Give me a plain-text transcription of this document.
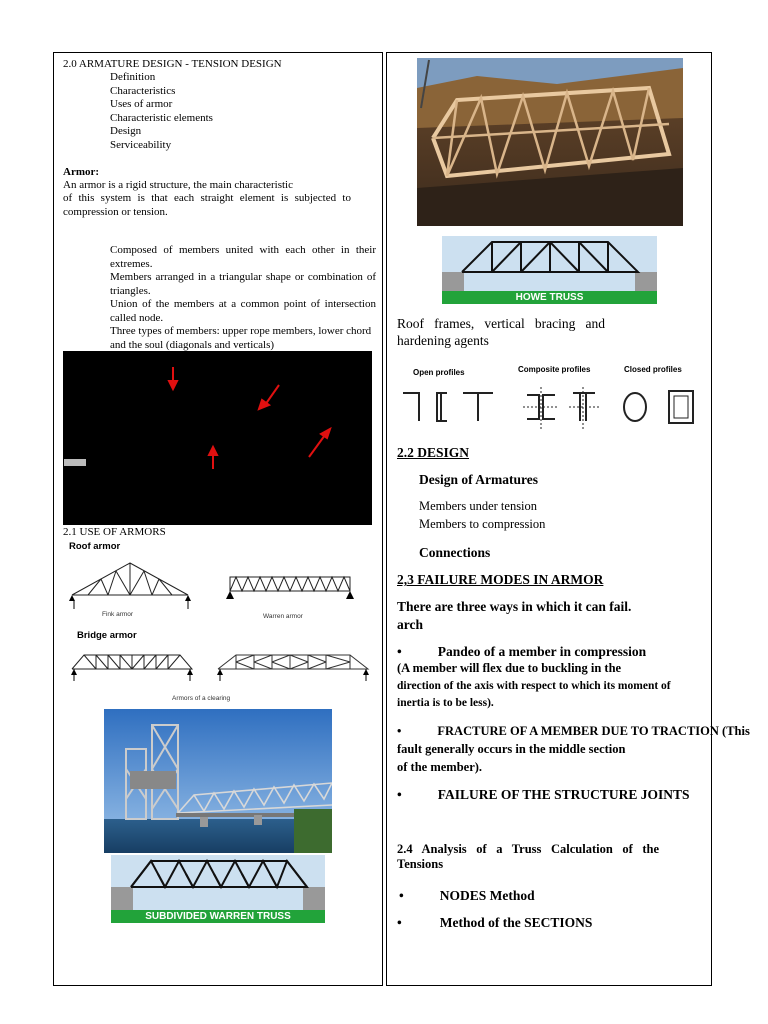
2.0 ARMATURE DESIGN - TENSION DESIGN
Definition
Characteristics
Uses of armor
Characteristic elements
Design
Serviceability
Armor:
An armor is a rigid structure, the main characteristic
of this system is that each straight element is subjected to compression or tension.
Composed of members united with each other in their extremes.
Members arranged in a triangular shape or combination of triangles.
Union of the members at a common point of intersection called node.
Three types of members: upper rope members, lower chord and the soul (diagonals and verticals)
2.1 USE OF ARMORS
Roof armor
Fink armor	Warren armor
Bridge armor
Armors of a clearing
SUBDIVIDED WARREN TRUSS
HOWE TRUSS
Roof frames, vertical bracing and hardening agents
Open profiles	Composite profiles	Closed profiles
2.2 DESIGN
Design of Armatures
Members under tension
Members to compression
Connections
2,3 FAILURE MODES IN ARMOR
There are three ways in which it can fail.
arch
•	Pandeo of a member in compression
(A member will flex due to buckling in the
direction of the axis with respect to which its moment of
inertia is to be less).
•	FRACTURE OF A MEMBER DUE TO TRACTION (This
fault generally occurs in the middle section
of the member).
•	FAILURE OF THE STRUCTURE JOINTS
2.4 Analysis of a Truss Calculation of the Tensions
•	NODES Method
•	Method of the SECTIONS
